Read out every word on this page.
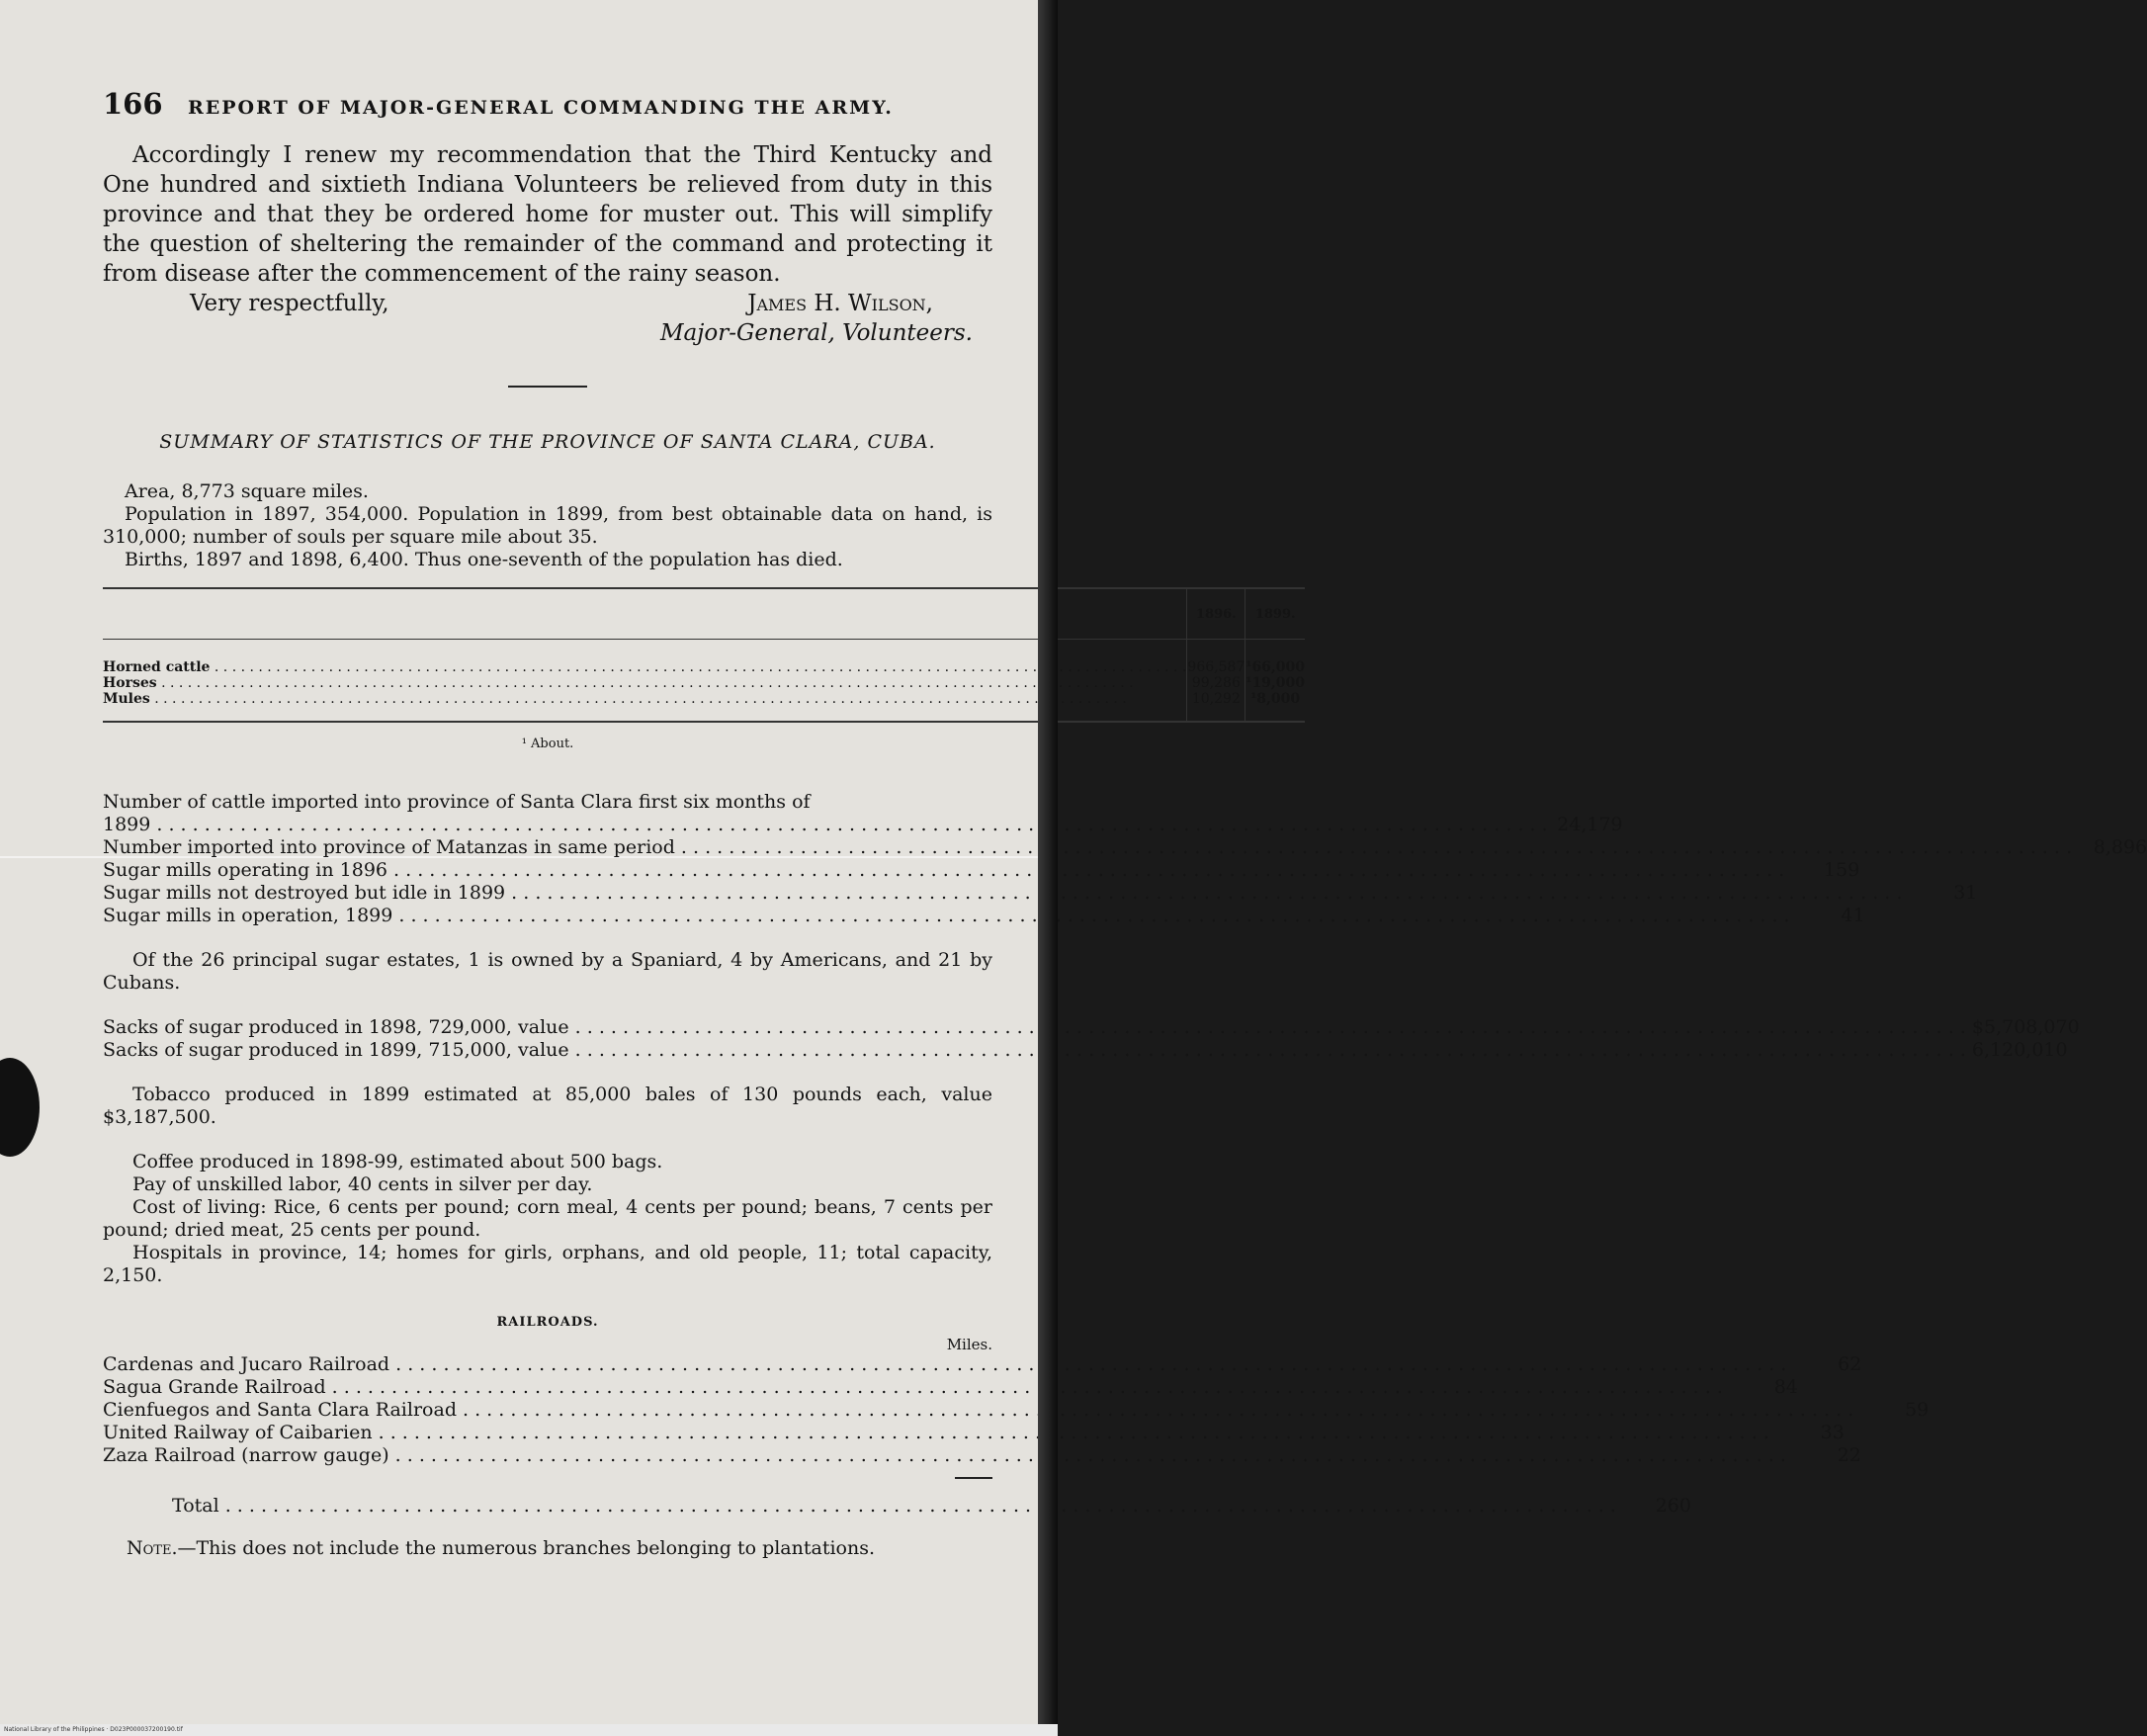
166	REPORT OF MAJOR-GENERAL COMMANDING THE ARMY.

Accordingly I renew my recommendation that the Third Kentucky and One hundred and sixtieth Indiana Volunteers be relieved from duty in this province and that they be ordered home for muster out. This will simplify the question of sheltering the remainder of the command and protecting it from disease after the commencement of the rainy season.

Very respectfully,	James H. Wilson,
Major-General, Volunteers.
SUMMARY OF STATISTICS OF THE PROVINCE OF SANTA CLARA, CUBA.

Area, 8,773 square miles.

Population in 1897, 354,000. Population in 1899, from best obtainable data on hand, is 310,000; number of souls per square mile about 35.

Births, 1897 and 1898, 6,400. Thus one-seventh of the population has died.

	1896.	1899.

Horned cattle . . .	966,587	¹66,000

Horses . . .	99,286	¹19,000

Mules . . .	10,292	¹8,000
¹ About.
Number of cattle imported into province of Santa Clara first six months of
1899 . . .	24,179
Number imported into province of Matanzas in same period . . .	8,896
Sugar mills operating in 1896 . . .	159
Sugar mills not destroyed but idle in 1899 . . .	31
Sugar mills in operation, 1899 . . .	41

Of the 26 principal sugar estates, 1 is owned by a Spaniard, 4 by Americans, and 21 by Cubans.

Sacks of sugar produced in 1898, 729,000, value . . .	$5,708,070
Sacks of sugar produced in 1899, 715,000, value . . .	6,120,010

Tobacco produced in 1899 estimated at 85,000 bales of 130 pounds each, value $3,187,500.

Coffee produced in 1898-99, estimated about 500 bags.

Pay of unskilled labor, 40 cents in silver per day.

Cost of living: Rice, 6 cents per pound; corn meal, 4 cents per pound; beans, 7 cents per pound; dried meat, 25 cents per pound.

Hospitals in province, 14; homes for girls, orphans, and old people, 11; total capacity, 2,150.

RAILROADS.
Miles.
Cardenas and Jucaro Railroad . . .	62
Sagua Grande Railroad . . .	84
Cienfuegos and Santa Clara Railroad . . .	59
United Railway of Caibarien . . .	33
Zaza Railroad (narrow gauge) . . .	22
Total . . .	260

Note.—This does not include the numerous branches belonging to plantations.

National Library of the Philippines · D023P000037200190.tif
